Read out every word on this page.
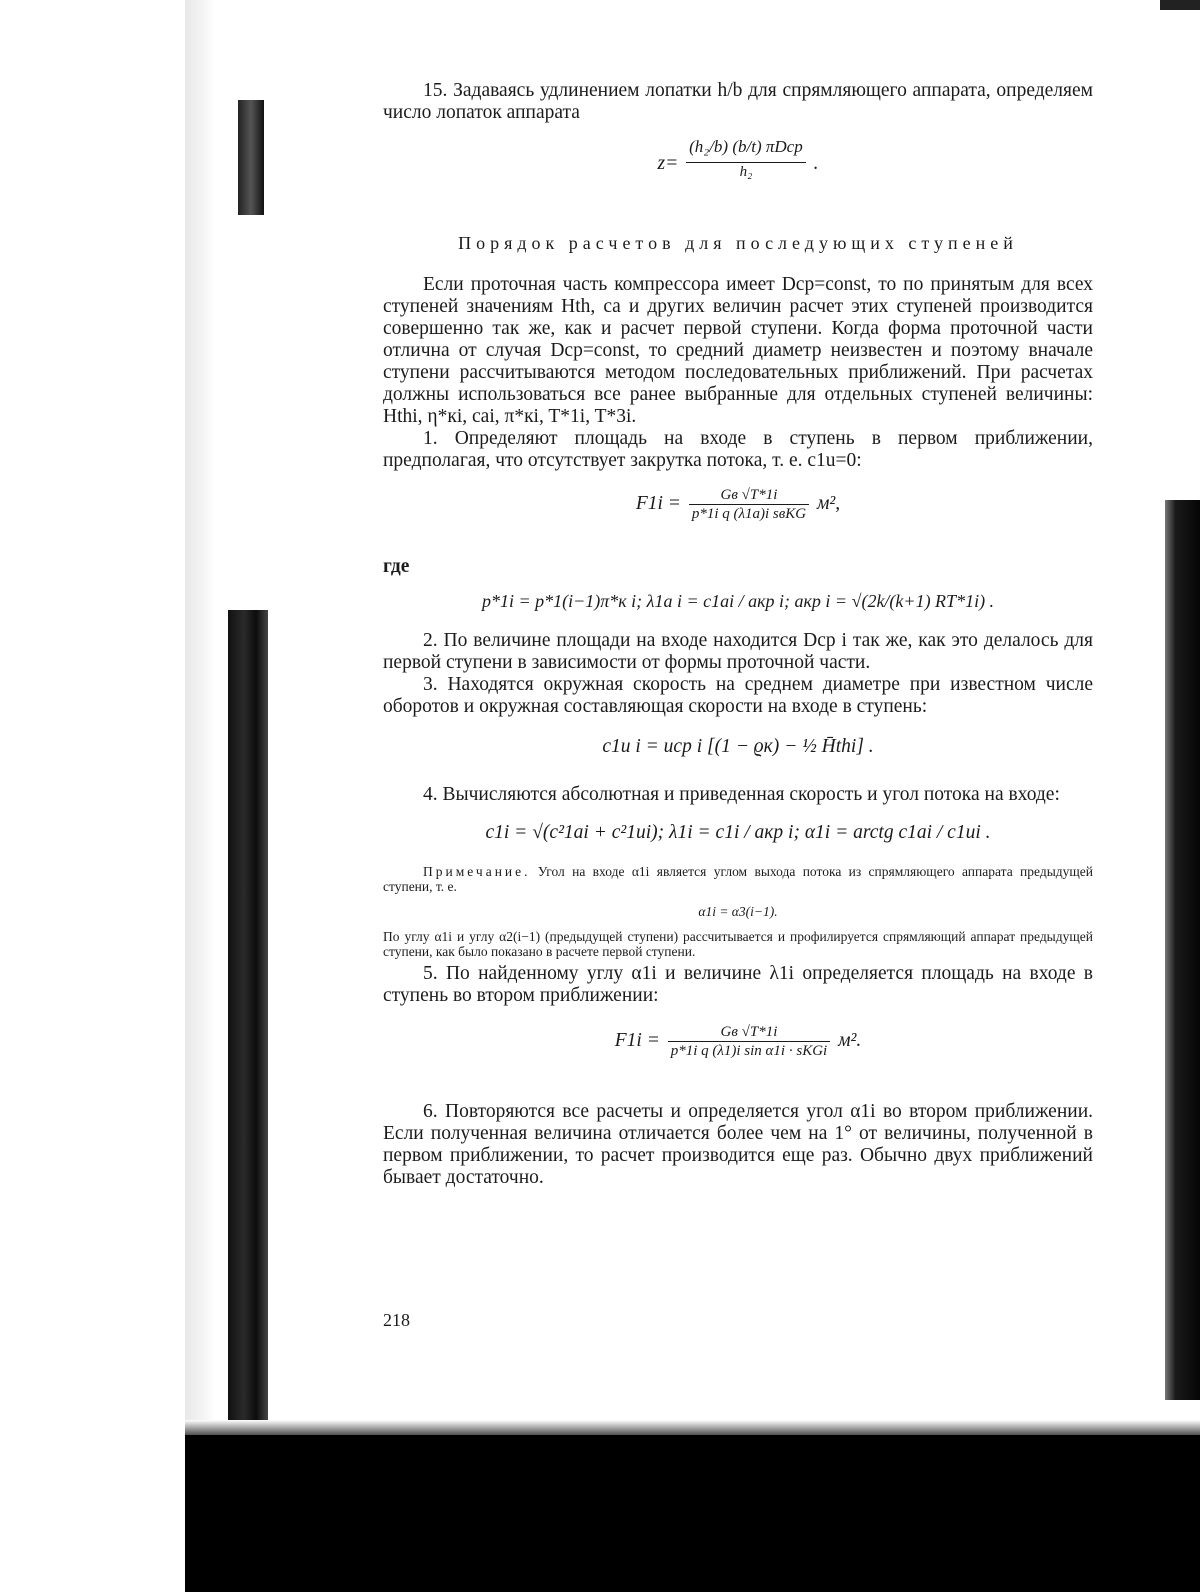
15. Задаваясь удлинением лопатки h/b для спрямляющего аппарата, определяем число лопаток аппарата

$z= \frac{\text{(h₂/b) (b/t) πDср}}{\text{h₂}}$ .
Порядок расчетов для последующих ступеней

Если проточная часть компрессора имеет Dср=const, то по принятым для всех ступеней значениям Hth, ca и других величин расчет этих ступеней производится совершенно так же, как и расчет первой ступени. Когда форма проточной части отлична от случая Dср=const, то средний диаметр неизвестен и поэтому вначале ступени рассчитываются методом последовательных приближений. При расчетах должны использоваться все ранее выбранные для отдельных ступеней величины: Hthi, η*кi, cai, π*кi, T*1i, T*3i.

1. Определяют площадь на входе в ступень в первом приближении, предполагая, что отсутствует закрутка потока, т. е. c1u=0:

$F1i = \frac{Gв √T*1i}{\text{p*1i q (λ1a)i sвKG}} м^2$,

где

p*1i = p*1(i−1)π*к i; λ1a i = c1ai / aкр i; aкр i = √(2k/(k+1) RT*1i) .

2. По величине площади на входе находится Dср i так же, как это делалось для первой ступени в зависимости от формы проточной части.

3. Находятся окружная скорость на среднем диаметре при известном числе оборотов и окружная составляющая скорости на входе в ступень:

c1u i = uср i [(1 − ϱк) − ½ H̄thi] .

4. Вычисляются абсолютная и приведенная скорость и угол потока на входе:

c1i = √(c²1ai + c²1ui); λ1i = c1i / aкр i; α1i = arctg c1ai / c1ui .

Примечание. Угол на входе α1i является углом выхода потока из спрямляющего аппарата предыдущей ступени, т. е.

α1i = α3(i−1).

По углу α1i и углу α2(i−1) (предыдущей ступени) рассчитывается и профилируется спрямляющий аппарат предыдущей ступени, как было показано в расчете первой ступени.

5. По найденному углу α1i и величине λ1i определяется площадь на входе в ступень во втором приближении:

$F1i = \frac{Gв √T*1i}{\text{p*1i q (λ1)i sin α1i · sKGi}} м^2$.

6. Повторяются все расчеты и определяется угол α1i во втором приближении. Если полученная величина отличается более чем на 1° от величины, полученной в первом приближении, то расчет производится еще раз. Обычно двух приближений бывает достаточно.

218
